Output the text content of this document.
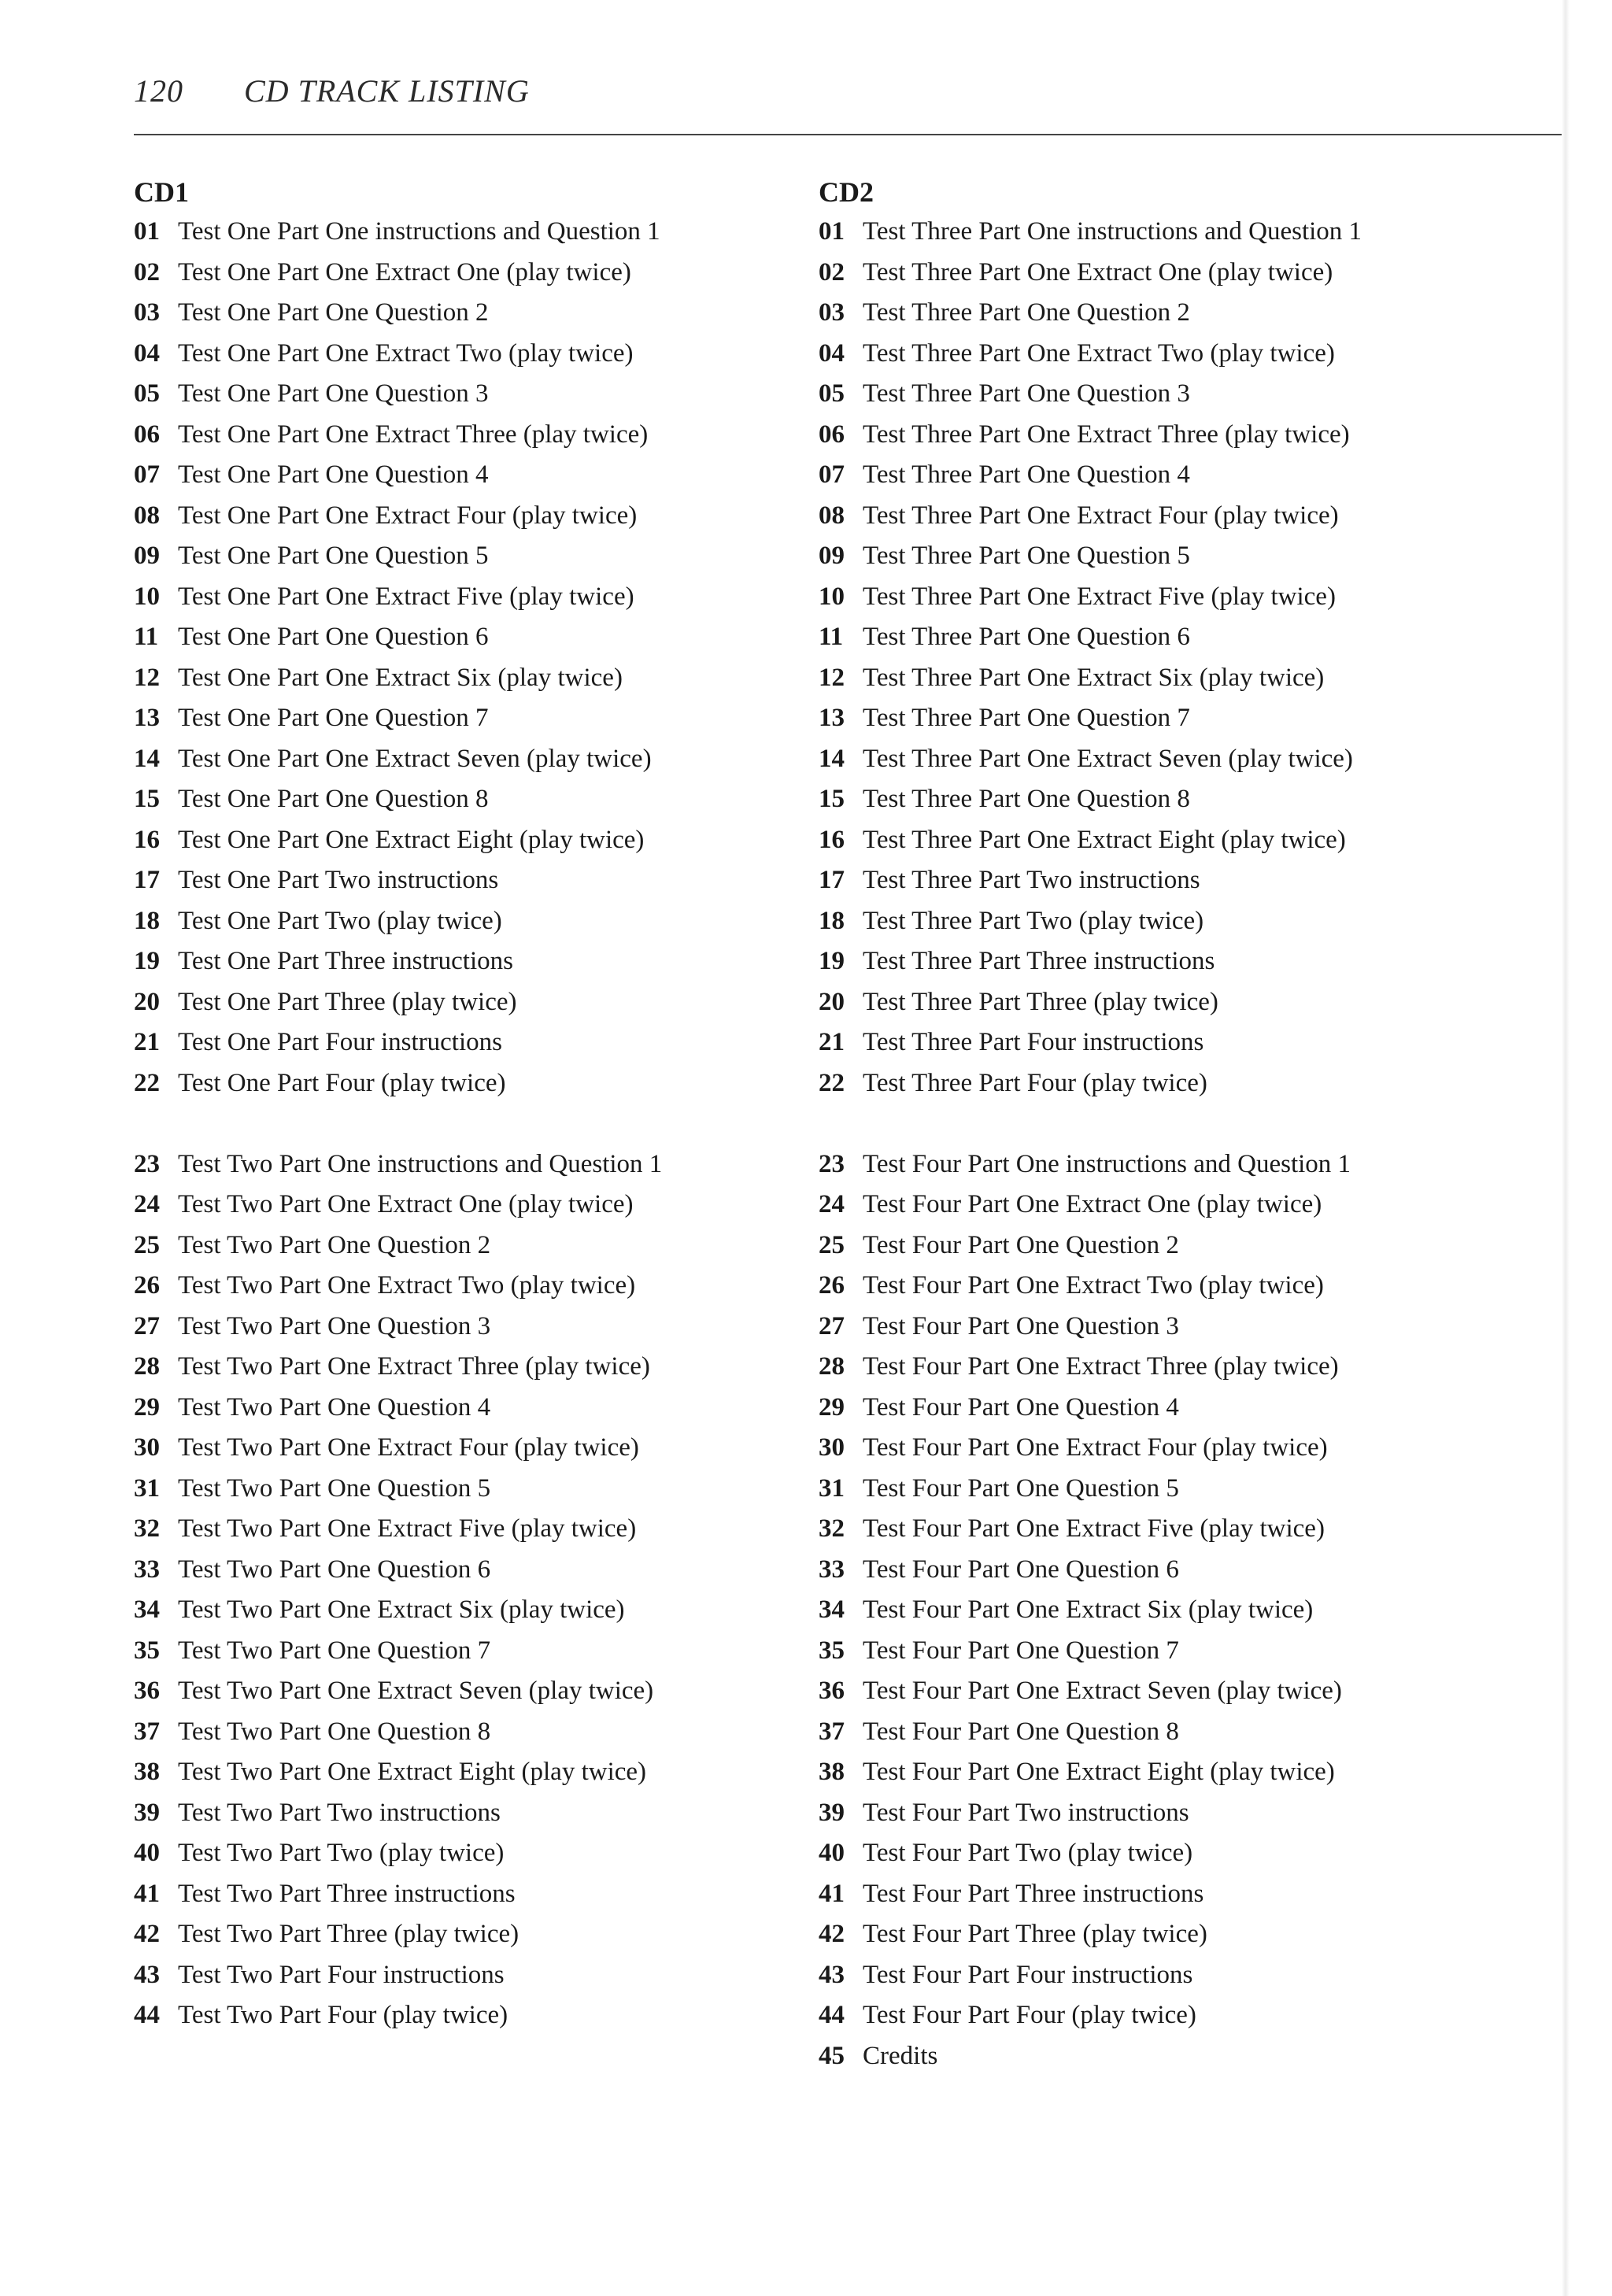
120 CD TRACK LISTING
CD1
01 Test One Part One instructions and Question 1
02 Test One Part One Extract One (play twice)
03 Test One Part One Question 2
04 Test One Part One Extract Two (play twice)
05 Test One Part One Question 3
06 Test One Part One Extract Three (play twice)
07 Test One Part One Question 4
08 Test One Part One Extract Four (play twice)
09 Test One Part One Question 5
10 Test One Part One Extract Five (play twice)
11 Test One Part One Question 6
12 Test One Part One Extract Six (play twice)
13 Test One Part One Question 7
14 Test One Part One Extract Seven (play twice)
15 Test One Part One Question 8
16 Test One Part One Extract Eight (play twice)
17 Test One Part Two instructions
18 Test One Part Two (play twice)
19 Test One Part Three instructions
20 Test One Part Three (play twice)
21 Test One Part Four instructions
22 Test One Part Four (play twice)
23 Test Two Part One instructions and Question 1
24 Test Two Part One Extract One (play twice)
25 Test Two Part One Question 2
26 Test Two Part One Extract Two (play twice)
27 Test Two Part One Question 3
28 Test Two Part One Extract Three (play twice)
29 Test Two Part One Question 4
30 Test Two Part One Extract Four (play twice)
31 Test Two Part One Question 5
32 Test Two Part One Extract Five (play twice)
33 Test Two Part One Question 6
34 Test Two Part One Extract Six (play twice)
35 Test Two Part One Question 7
36 Test Two Part One Extract Seven (play twice)
37 Test Two Part One Question 8
38 Test Two Part One Extract Eight (play twice)
39 Test Two Part Two instructions
40 Test Two Part Two (play twice)
41 Test Two Part Three instructions
42 Test Two Part Three (play twice)
43 Test Two Part Four instructions
44 Test Two Part Four (play twice)
CD2
01 Test Three Part One instructions and Question 1
02 Test Three Part One Extract One (play twice)
03 Test Three Part One Question 2
04 Test Three Part One Extract Two (play twice)
05 Test Three Part One Question 3
06 Test Three Part One Extract Three (play twice)
07 Test Three Part One Question 4
08 Test Three Part One Extract Four (play twice)
09 Test Three Part One Question 5
10 Test Three Part One Extract Five (play twice)
11 Test Three Part One Question 6
12 Test Three Part One Extract Six (play twice)
13 Test Three Part One Question 7
14 Test Three Part One Extract Seven (play twice)
15 Test Three Part One Question 8
16 Test Three Part One Extract Eight (play twice)
17 Test Three Part Two instructions
18 Test Three Part Two (play twice)
19 Test Three Part Three instructions
20 Test Three Part Three (play twice)
21 Test Three Part Four instructions
22 Test Three Part Four (play twice)
23 Test Four Part One instructions and Question 1
24 Test Four Part One Extract One (play twice)
25 Test Four Part One Question 2
26 Test Four Part One Extract Two (play twice)
27 Test Four Part One Question 3
28 Test Four Part One Extract Three (play twice)
29 Test Four Part One Question 4
30 Test Four Part One Extract Four (play twice)
31 Test Four Part One Question 5
32 Test Four Part One Extract Five (play twice)
33 Test Four Part One Question 6
34 Test Four Part One Extract Six (play twice)
35 Test Four Part One Question 7
36 Test Four Part One Extract Seven (play twice)
37 Test Four Part One Question 8
38 Test Four Part One Extract Eight (play twice)
39 Test Four Part Two instructions
40 Test Four Part Two (play twice)
41 Test Four Part Three instructions
42 Test Four Part Three (play twice)
43 Test Four Part Four instructions
44 Test Four Part Four (play twice)
45 Credits
